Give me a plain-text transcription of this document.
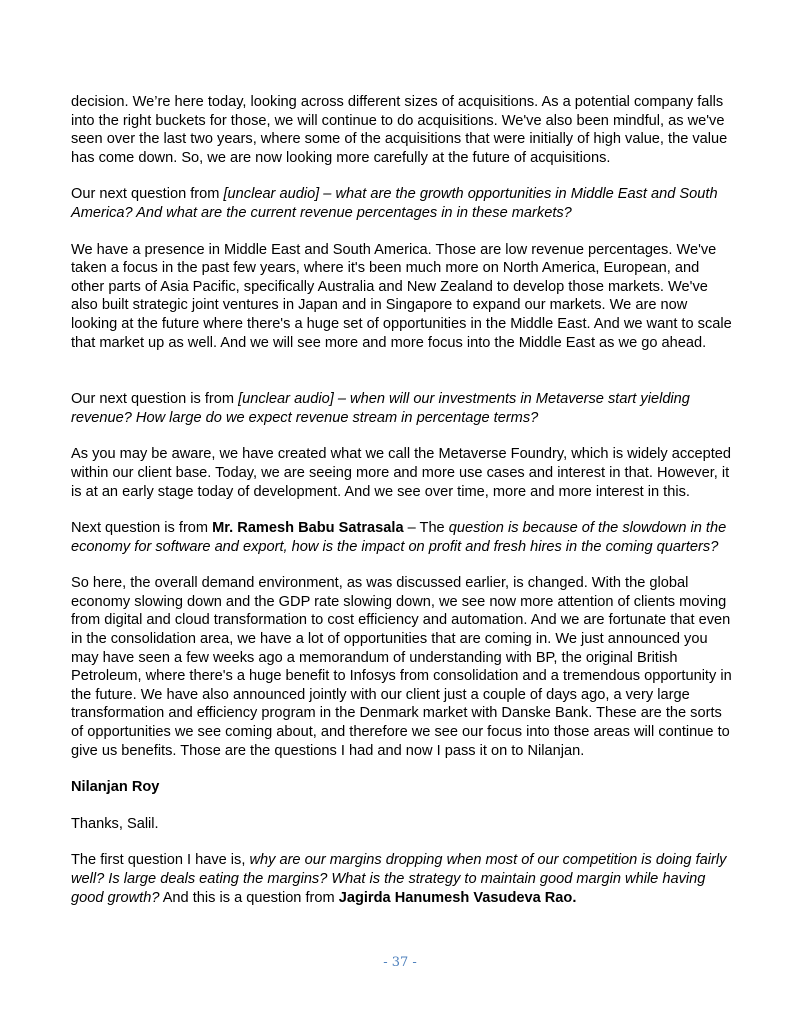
decision. We’re here today, looking across different sizes of acquisitions. As a potential company falls into the right buckets for those, we will continue to do acquisitions. We've also been mindful, as we've seen over the last two years, where some of the acquisitions that were initially of high value, the value has come down. So, we are now looking more carefully at the future of acquisitions.

Our next question from [unclear audio] – what are the growth opportunities in Middle East and South America? And what are the current revenue percentages in in these markets?

We have a presence in Middle East and South America. Those are low revenue percentages. We've taken a focus in the past few years, where it's been much more on North America, European, and other parts of Asia Pacific, specifically Australia and New Zealand to develop those markets. We've also built strategic joint ventures in Japan and in Singapore to expand our markets. We are now looking at the future where there's a huge set of opportunities in the Middle East. And we want to scale that market up as well. And we will see more and more focus into the Middle East as we go ahead.

Our next question is from [unclear audio] – when will our investments in Metaverse start yielding revenue? How large do we expect revenue stream in percentage terms?

As you may be aware, we have created what we call the Metaverse Foundry, which is widely accepted within our client base. Today, we are seeing more and more use cases and interest in that. However, it is at an early stage today of development. And we see over time, more and more interest in this.

Next question is from Mr. Ramesh Babu Satrasala – The question is because of the slowdown in the economy for software and export, how is the impact on profit and fresh hires in the coming quarters?

So here, the overall demand environment, as was discussed earlier, is changed. With the global economy slowing down and the GDP rate slowing down, we see now more attention of clients moving from digital and cloud transformation to cost efficiency and automation. And we are fortunate that even in the consolidation area, we have a lot of opportunities that are coming in. We just announced you may have seen a few weeks ago a memorandum of understanding with BP, the original British Petroleum, where there's a huge benefit to Infosys from consolidation and a tremendous opportunity in the future. We have also announced jointly with our client just a couple of days ago, a very large transformation and efficiency program in the Denmark market with Danske Bank. These are the sorts of opportunities we see coming about, and therefore we see our focus into those areas will continue to give us benefits. Those are the questions I had and now I pass it on to Nilanjan.

Nilanjan Roy

Thanks, Salil.

The first question I have is, why are our margins dropping when most of our competition is doing fairly well? Is large deals eating the margins? What is the strategy to maintain good margin while having good growth? And this is a question from Jagirda Hanumesh Vasudeva Rao.

- 37 -
